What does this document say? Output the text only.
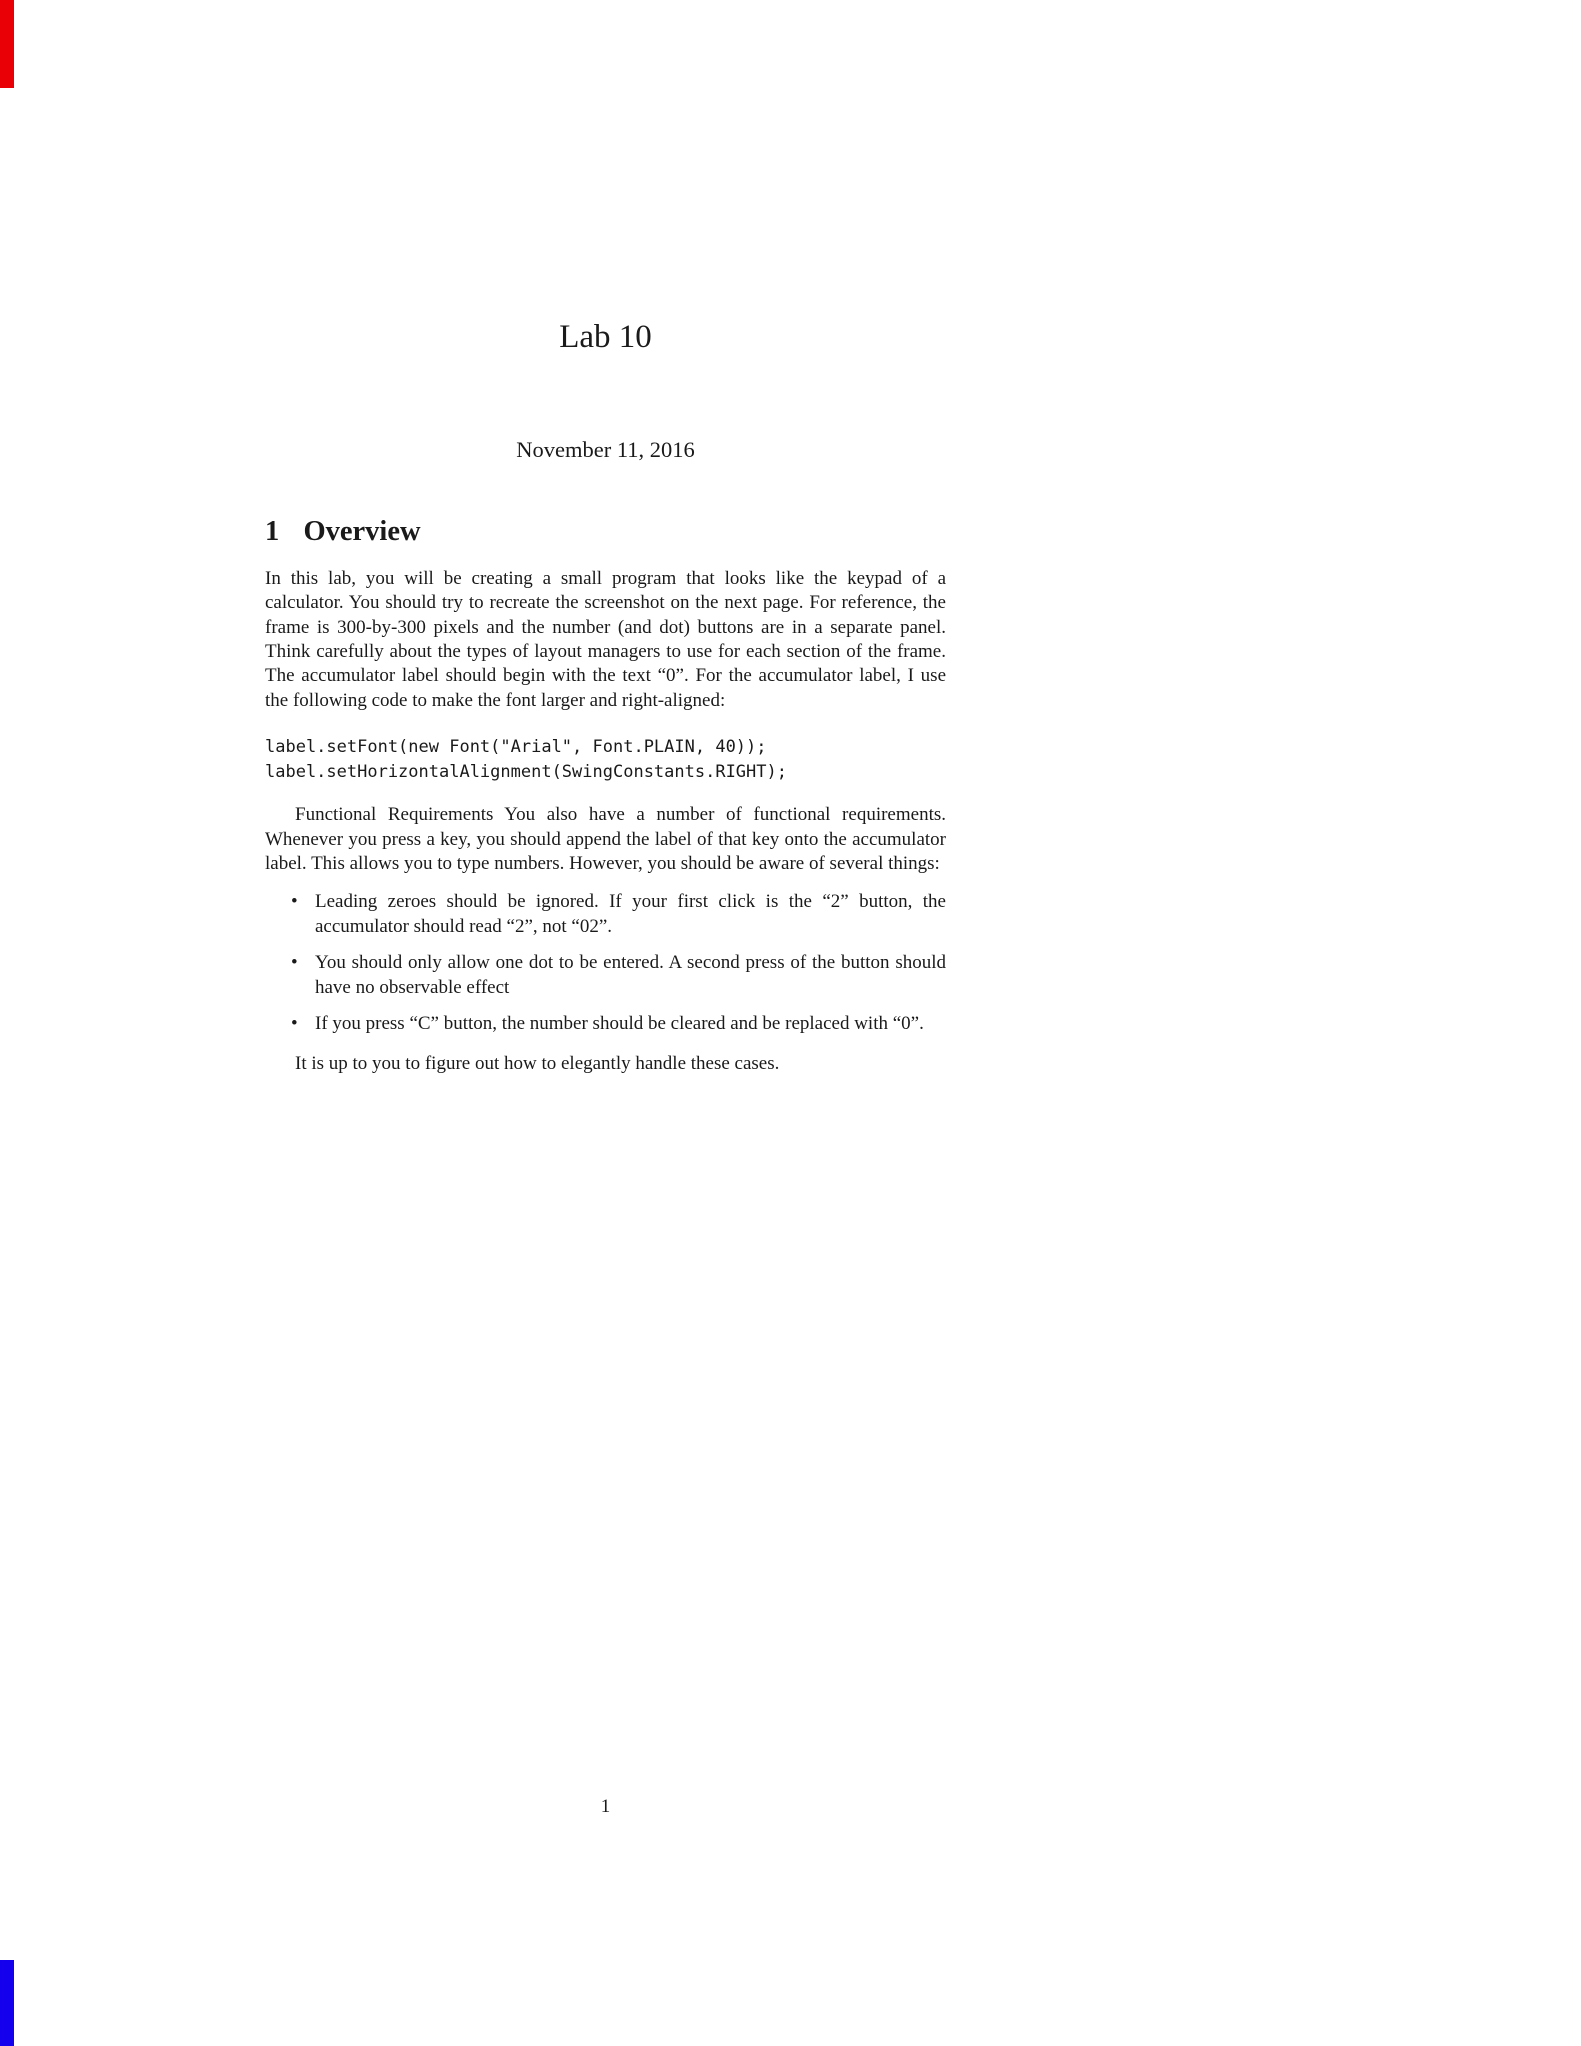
Lab 10
November 11, 2016
1 Overview

In this lab, you will be creating a small program that looks like the keypad of a calculator. You should try to recreate the screenshot on the next page. For reference, the frame is 300-by-300 pixels and the number (and dot) buttons are in a separate panel. Think carefully about the types of layout managers to use for each section of the frame. The accumulator label should begin with the text “0”. For the accumulator label, I use the following code to make the font larger and right-aligned:

label.setFont(new Font("Arial", Font.PLAIN, 40));
label.setHorizontalAlignment(SwingConstants.RIGHT);

Functional Requirements You also have a number of functional requirements. Whenever you press a key, you should append the label of that key onto the accumulator label. This allows you to type numbers. However, you should be aware of several things:

• Leading zeroes should be ignored. If your first click is the “2” button, the accumulator should read “2”, not “02”.
• You should only allow one dot to be entered. A second press of the button should have no observable effect
• If you press “C” button, the number should be cleared and be replaced with “0”.

It is up to you to figure out how to elegantly handle these cases.

1
